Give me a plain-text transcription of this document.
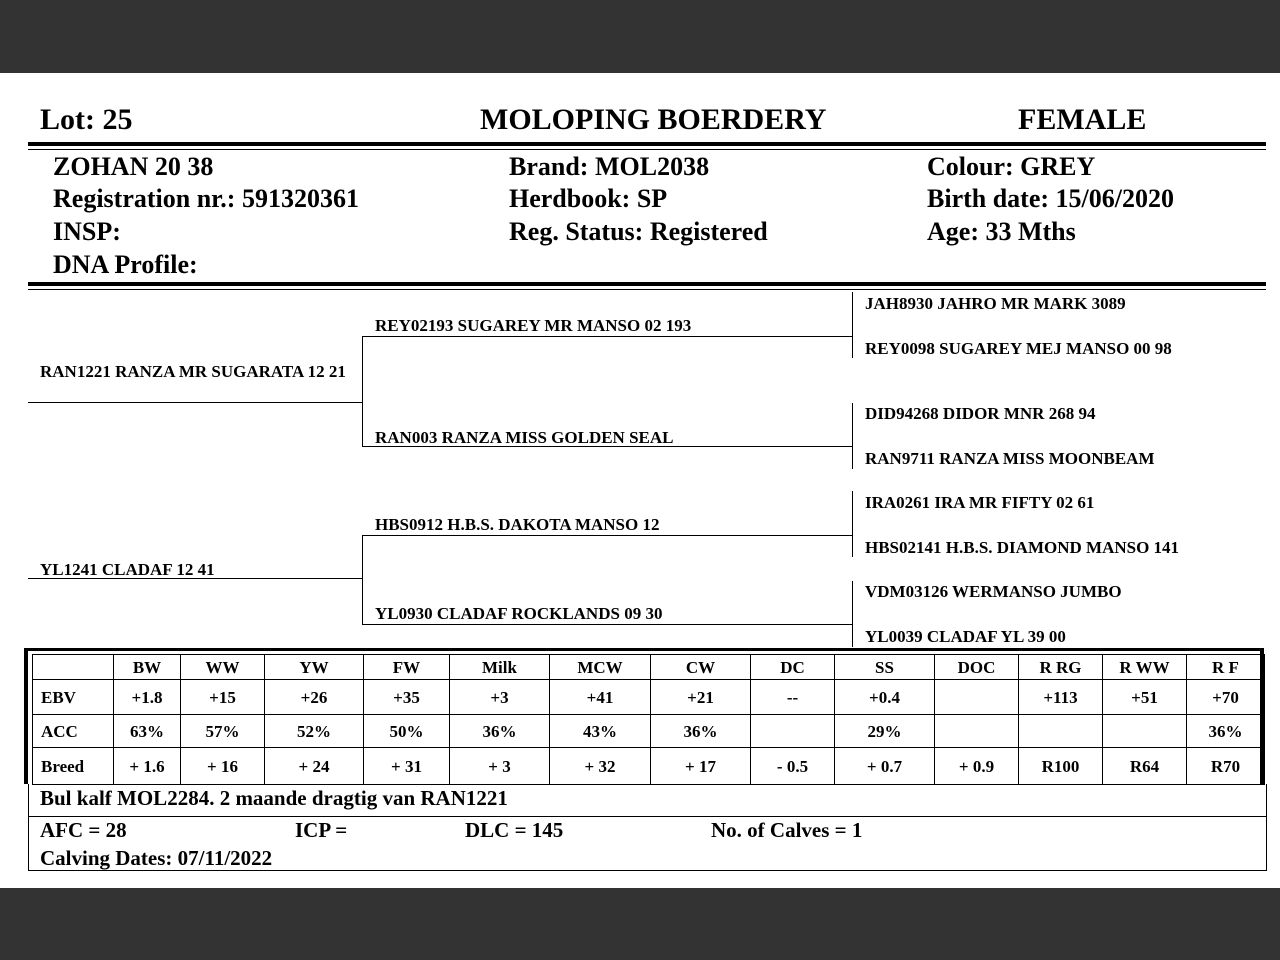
Lot: 25	MOLOPING BOERDERY	FEMALE
ZOHAN 20 38
Registration nr.: 591320361
INSP:
DNA Profile:
Brand: MOL2038
Herdbook: SP
Reg. Status: Registered
Colour: GREY
Birth date: 15/06/2020
Age: 33 Mths
RAN1221 RANZA MR SUGARATA 12 21
YL1241 CLADAF 12 41
REY02193 SUGAREY MR MANSO 02 193
RAN003 RANZA MISS GOLDEN SEAL
HBS0912 H.B.S. DAKOTA MANSO 12
YL0930 CLADAF ROCKLANDS 09 30
JAH8930 JAHRO MR MARK 3089
REY0098 SUGAREY MEJ MANSO 00 98
DID94268 DIDOR MNR 268 94
RAN9711 RANZA MISS MOONBEAM
IRA0261 IRA MR FIFTY 02 61
HBS02141 H.B.S. DIAMOND MANSO 141
VDM03126 WERMANSO JUMBO
YL0039 CLADAF YL 39 00
	BW	WW	YW	FW	Milk	MCW	CW	DC	SS	DOC	R RG	R WW	R F
EBV	+1.8	+15	+26	+35	+3	+41	+21	--	+0.4		+113	+51	+70
ACC	63%	57%	52%	50%	36%	43%	36%		29%				36%
Breed	+ 1.6	+ 16	+ 24	+ 31	+ 3	+ 32	+ 17	- 0.5	+ 0.7	+ 0.9	R100	R64	R70
Bul kalf MOL2284. 2 maande dragtig van RAN1221
AFC = 28	ICP =	DLC = 145	No. of Calves = 1
Calving Dates: 07/11/2022
